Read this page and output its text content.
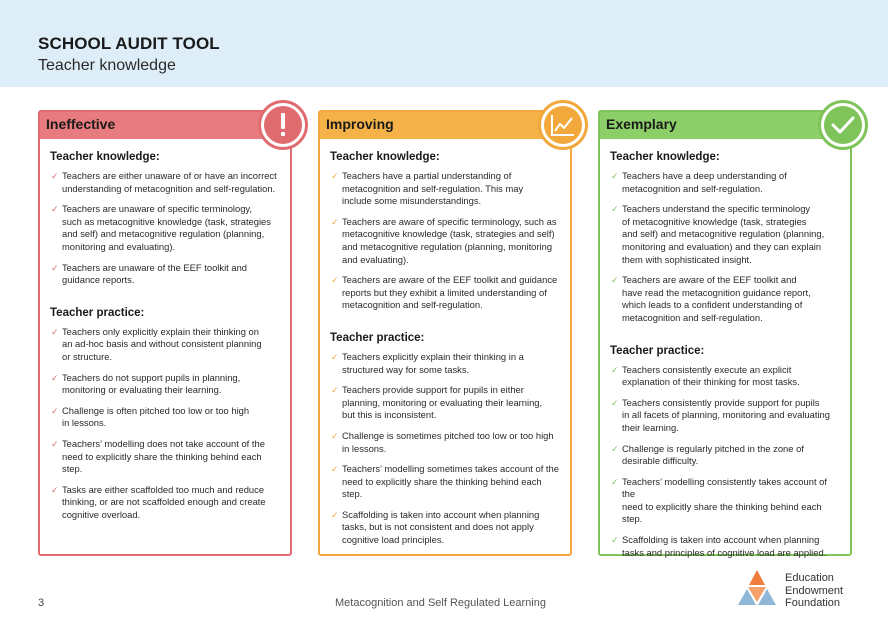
SCHOOL AUDIT TOOL
Teacher knowledge
Ineffective
Teacher knowledge:
✓ Teachers are either unaware of or have an incorrect
understanding of metacognition and self-regulation.
✓ Teachers are unaware of specific terminology,
such as metacognitive knowledge (task, strategies
and self) and metacognitive regulation (planning,
monitoring and evaluating).
✓ Teachers are unaware of the EEF toolkit and
guidance reports.
Teacher practice:
✓ Teachers only explicitly explain their thinking on
an ad-hoc basis and without consistent planning
or structure.
✓ Teachers do not support pupils in planning,
monitoring or evaluating their learning.
✓ Challenge is often pitched too low or too high
in lessons.
✓ Teachers’ modelling does not take account of the
need to explicitly share the thinking behind each step.
✓ Tasks are either scaffolded too much and reduce
thinking, or are not scaffolded enough and create
cognitive overload.
Improving
Teacher knowledge:
✓ Teachers have a partial understanding of
metacognition and self-regulation. This may
include some misunderstandings.
✓ Teachers are aware of specific terminology, such as
metacognitive knowledge (task, strategies and self)
and metacognitive regulation (planning, monitoring
and evaluating).
✓ Teachers are aware of the EEF toolkit and guidance
reports but they exhibit a limited understanding of
metacognition and self-regulation.
Teacher practice:
✓ Teachers explicitly explain their thinking in a
structured way for some tasks.
✓ Teachers provide support for pupils in either
planning, monitoring or evaluating their learning,
but this is inconsistent.
✓ Challenge is sometimes pitched too low or too high
in lessons.
✓ Teachers’ modelling sometimes takes account of the
need to explicitly share the thinking behind each step.
✓ Scaffolding is taken into account when planning
tasks, but is not consistent and does not apply
cognitive load principles.
Exemplary
Teacher knowledge:
✓ Teachers have a deep understanding of
metacognition and self-regulation.
✓ Teachers understand the specific terminology
of metacognitive knowledge (task, strategies
and self) and metacognitive regulation (planning,
monitoring and evaluation) and they can explain
them with sophisticated insight.
✓ Teachers are aware of the EEF toolkit and
have read the metacognition guidance report,
which leads to a confident understanding of
metacognition and self-regulation.
Teacher practice:
✓ Teachers consistently execute an explicit
explanation of their thinking for most tasks.
✓ Teachers consistently provide support for pupils
in all facets of planning, monitoring and evaluating
their learning.
✓ Challenge is regularly pitched in the zone of
desirable difficulty.
✓ Teachers’ modelling consistently takes account of the
need to explicitly share the thinking behind each step.
✓ Scaffolding is taken into account when planning
tasks and principles of cognitive load are applied.
3	Metacognition and Self Regulated Learning
Education
Endowment
Foundation
